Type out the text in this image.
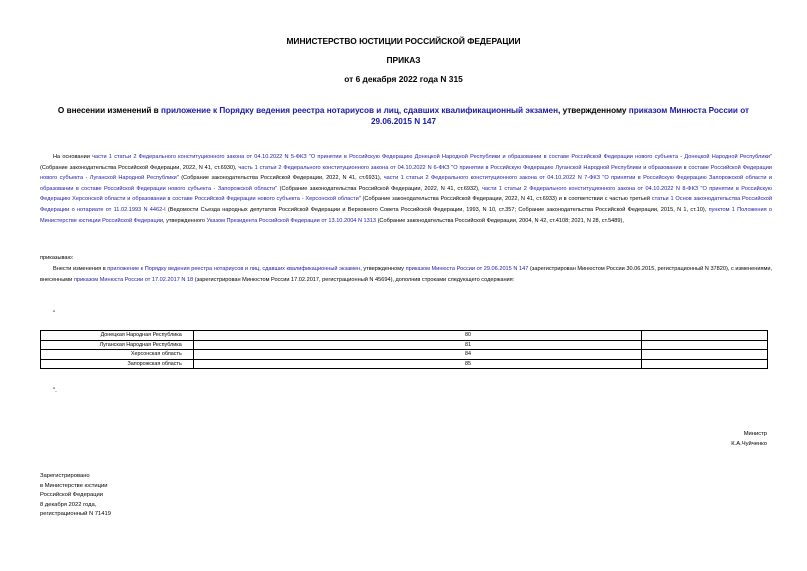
МИНИСТЕРСТВО ЮСТИЦИИ РОССИЙСКОЙ ФЕДЕРАЦИИ
ПРИКАЗ
от 6 декабря 2022 года N 315
О внесении изменений в приложение к Порядку ведения реестра нотариусов и лиц, сдавших квалификационный экзамен, утвержденному приказом Минюста России от 29.06.2015 N 147
На основании части 1 статьи 2 Федерального конституционного закона от 04.10.2022 N 5-ФКЗ "О принятии в Российскую Федерацию Донецкой Народной Республики и образовании в составе Российской Федерации нового субъекта - Донецкой Народной Республики" (Собрание законодательства Российской Федерации, 2022, N 41, ст.6930), часть 1 статьи 2 Федерального конституционного закона от 04.10.2022 N 6-ФКЗ "О принятии в Российскую Федерацию Луганской Народной Республики и образовании в составе Российской Федерации нового субъекта - Луганской Народной Республики" (Собрание законодательства Российской Федерации, 2022, N 41, ст.6931), части 1 статьи 2 Федерального конституционного закона от 04.10.2022 N 7-ФКЗ "О принятии в Российскую Федерацию Запорожской области и образовании в составе Российской Федерации нового субъекта - Запорожской области" (Собрание законодательства Российской Федерации, 2022, N 41, ст.6932), части 1 статьи 2 Федерального конституционного закона от 04.10.2022 N 8-ФКЗ "О принятии в Российскую Федерацию Херсонской области и образовании в составе Российской Федерации нового субъекта - Херсонской области" (Собрание законодательства Российской Федерации, 2022, N 41, ст.6933) и в соответствии с частью третьей статьи 1 Основ законодательства Российской Федерации о нотариате от 11.02.1993 N 4462-I (Ведомости Съезда народных депутатов Российской Федерации и Верховного Совета Российской Федерации, 1993, N 10, ст.357; Собрание законодательства Российской Федерации, 2015, N 1, ст.10), пунктом 1 Положения о Министерстве юстиции Российской Федерации, утвержденного Указом Президента Российской Федерации от 13.10.2004 N 1313 (Собрание законодательства Российской Федерации, 2004, N 42, ст.4108; 2021, N 28, ст.5489),
приказываю:
Внести изменения в приложение к Порядку ведения реестра нотариусов и лиц, сдавших квалификационный экзамен, утвержденному приказом Минюста России от 29.06.2015 N 147 (зарегистрирован Минюстом России 30.06.2015, регистрационный N 37820), с изменениями, внесенными приказом Минюста России от 17.02.2017 N 18 (зарегистрирован Минюстом России 17.02.2017, регистрационный N 45694), дополнив строками следующего содержания:
"
Донецкая Народная Республика	80	
Луганская Народная Республика	81	
Херсонская область	84	
Запорожская область	85	
".
Министр
К.А.Чуйченко
Зарегистрировано
в Министерстве юстиции
Российской Федерации
8 декабря 2022 года,
регистрационный N 71419
